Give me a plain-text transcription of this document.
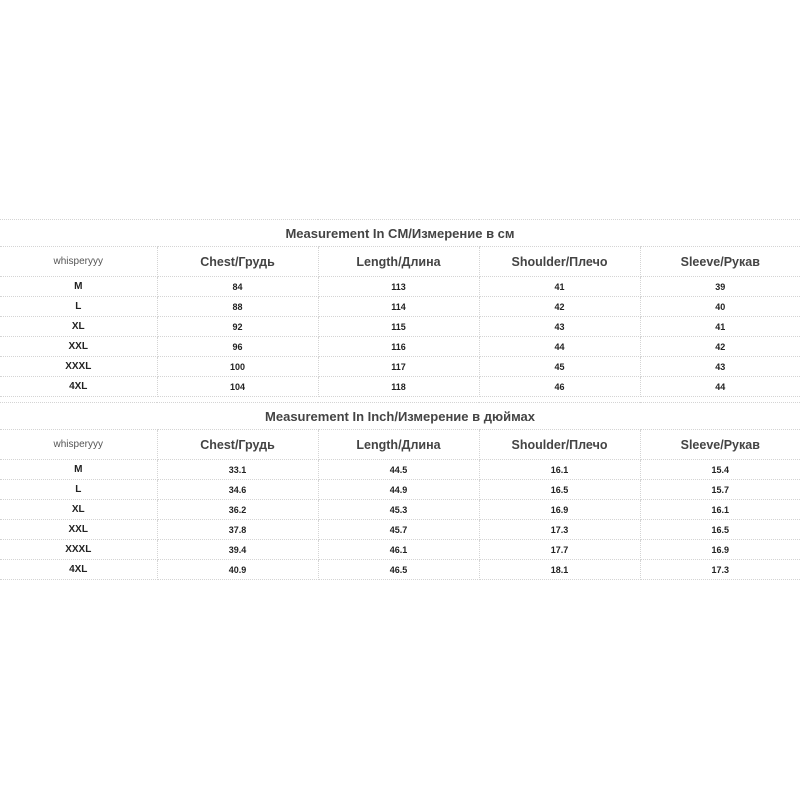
Measurement In CM/Измерение в см				
whisperyyy	Chest/Грудь	Length/Длина	Shoulder/Плечо	Sleeve/Рукав
M	84	113	41	39
L	88	114	42	40
XL	92	115	43	41
XXL	96	116	44	42
XXXL	100	117	45	43
4XL	104	118	46	44
Measurement In Inch/Измерение в дюймах				
whisperyyy	Chest/Грудь	Length/Длина	Shoulder/Плечо	Sleeve/Рукав
M	33.1	44.5	16.1	15.4
L	34.6	44.9	16.5	15.7
XL	36.2	45.3	16.9	16.1
XXL	37.8	45.7	17.3	16.5
XXXL	39.4	46.1	17.7	16.9
4XL	40.9	46.5	18.1	17.3
